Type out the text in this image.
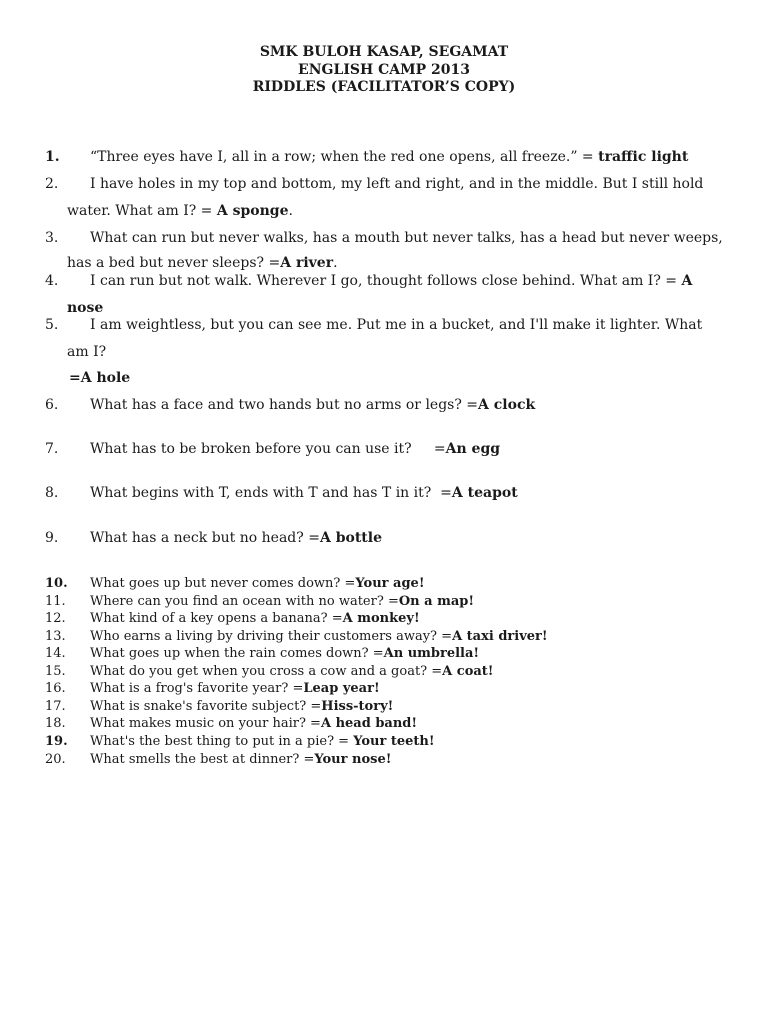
SMK BULOH KASAP, SEGAMAT
ENGLISH CAMP 2013
RIDDLES (FACILITATOR’S COPY)
1. “Three eyes have I, all in a row; when the red one opens, all freeze.” = traffic light
2. I have holes in my top and bottom, my left and right, and in the middle. But I still hold
water. What am I? = A sponge.
3. What can run but never walks, has a mouth but never talks, has a head but never weeps,
has a bed but never sleeps? =A river.
4. I can run but not walk. Wherever I go, thought follows close behind. What am I? = A
nose
5. I am weightless, but you can see me. Put me in a bucket, and I'll make it lighter. What
am I?
=A hole
6. What has a face and two hands but no arms or legs? =A clock
7. What has to be broken before you can use it?     =An egg
8. What begins with T, ends with T and has T in it?  =A teapot
9. What has a neck but no head? =A bottle
10. What goes up but never comes down? =Your age!
11. Where can you find an ocean with no water? =On a map!
12. What kind of a key opens a banana? =A monkey!
13. Who earns a living by driving their customers away? =A taxi driver!
14. What goes up when the rain comes down? =An umbrella!
15. What do you get when you cross a cow and a goat? =A coat!
16. What is a frog's favorite year? =Leap year!
17. What is snake's favorite subject? =Hiss-tory!
18. What makes music on your hair? =A head band!
19. What's the best thing to put in a pie? = Your teeth!
20. What smells the best at dinner? =Your nose!
